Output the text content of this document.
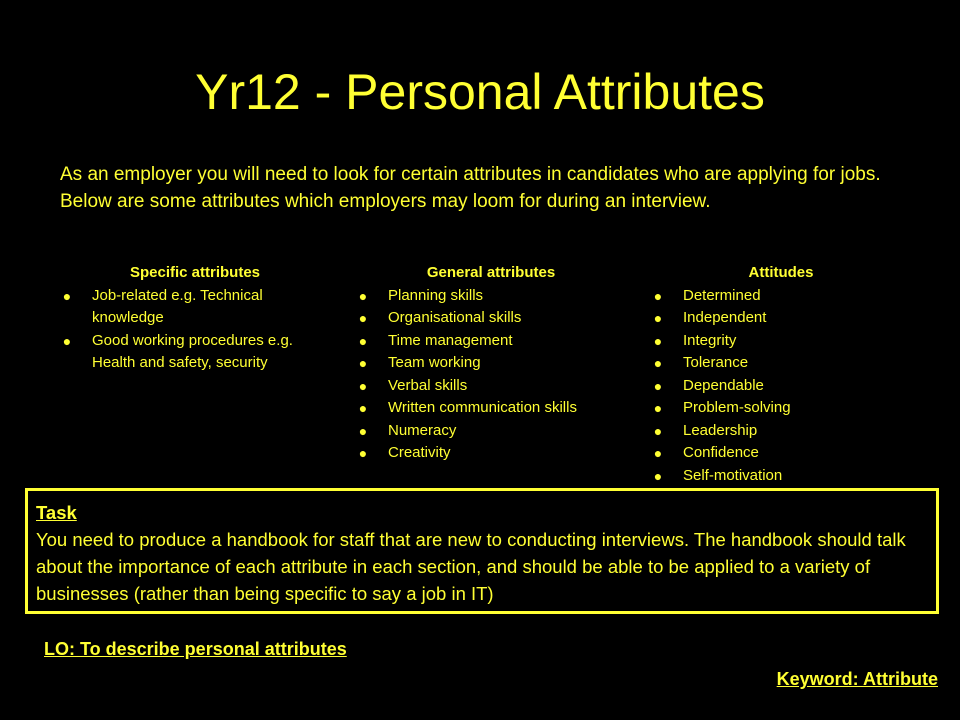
Yr12 - Personal Attributes

As an employer you will need to look for certain attributes in candidates who are applying for jobs. Below are some attributes which employers may loom for during an interview.

Specific attributes

● Job-related e.g. Technical knowledge
● Good working procedures e.g. Health and safety, security

General attributes

● Planning skills
● Organisational skills
● Time management
● Team working
● Verbal skills
● Written communication skills
● Numeracy
● Creativity

Attitudes

● Determined
● Independent
● Integrity
● Tolerance
● Dependable
● Problem-solving
● Leadership
● Confidence
● Self-motivation

Task

You need to produce a handbook for staff that are new to conducting interviews. The handbook should talk about the importance of each attribute in each section, and should be able to be applied to a variety of businesses (rather than being specific to say a job in IT)

LO: To describe personal attributes

Keyword: Attribute
